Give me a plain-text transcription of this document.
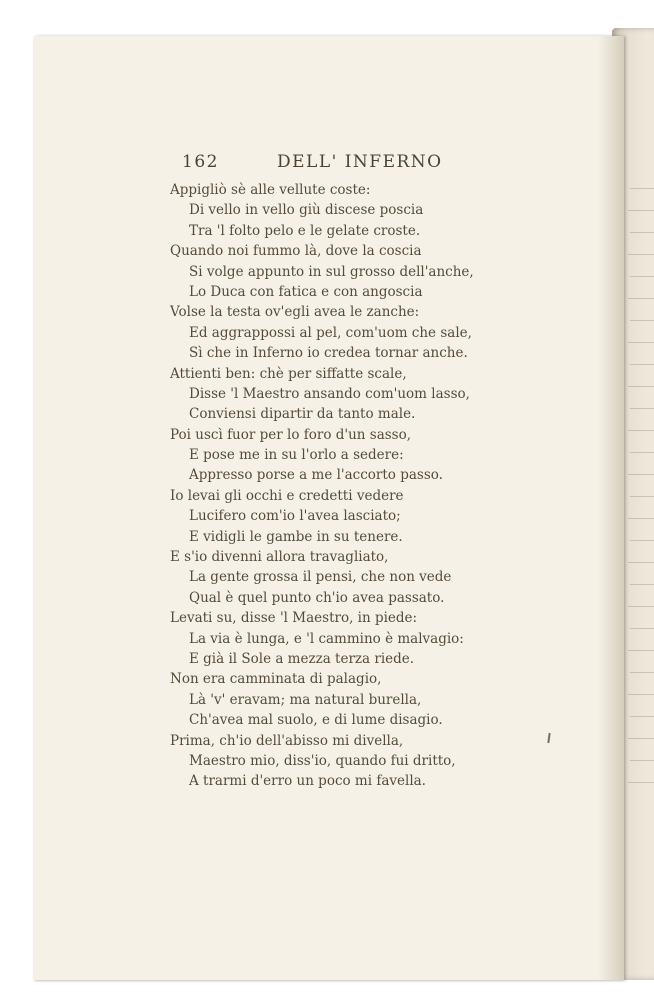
162	DELL' INFERNO
Appigliò sè alle vellute coste:
Di vello in vello giù discese poscia
Tra 'l folto pelo e le gelate croste.
Quando noi fummo là, dove la coscia
Si volge appunto in sul grosso dell'anche,
Lo Duca con fatica e con angoscia
Volse la testa ov'egli avea le zanche:
Ed aggrappossi al pel, com'uom che sale,
Sì che in Inferno io credea tornar anche.
Attienti ben: chè per siffatte scale,
Disse 'l Maestro ansando com'uom lasso,
Conviensi dipartir da tanto male.
Poi uscì fuor per lo foro d'un sasso,
E pose me in su l'orlo a sedere:
Appresso porse a me l'accorto passo.
Io levai gli occhi e credetti vedere
Lucifero com'io l'avea lasciato;
E vidigli le gambe in su tenere.
E s'io divenni allora travagliato,
La gente grossa il pensi, che non vede
Qual è quel punto ch'io avea passato.
Levati su, disse 'l Maestro, in piede:
La via è lunga, e 'l cammino è malvagio:
E già il Sole a mezza terza riede.
Non era camminata di palagio,
Là 'v' eravam; ma natural burella,
Ch'avea mal suolo, e di lume disagio.
Prima, ch'io dell'abisso mi divella,
Maestro mio, diss'io, quando fui dritto,
A trarmi d'erro un poco mi favella.
